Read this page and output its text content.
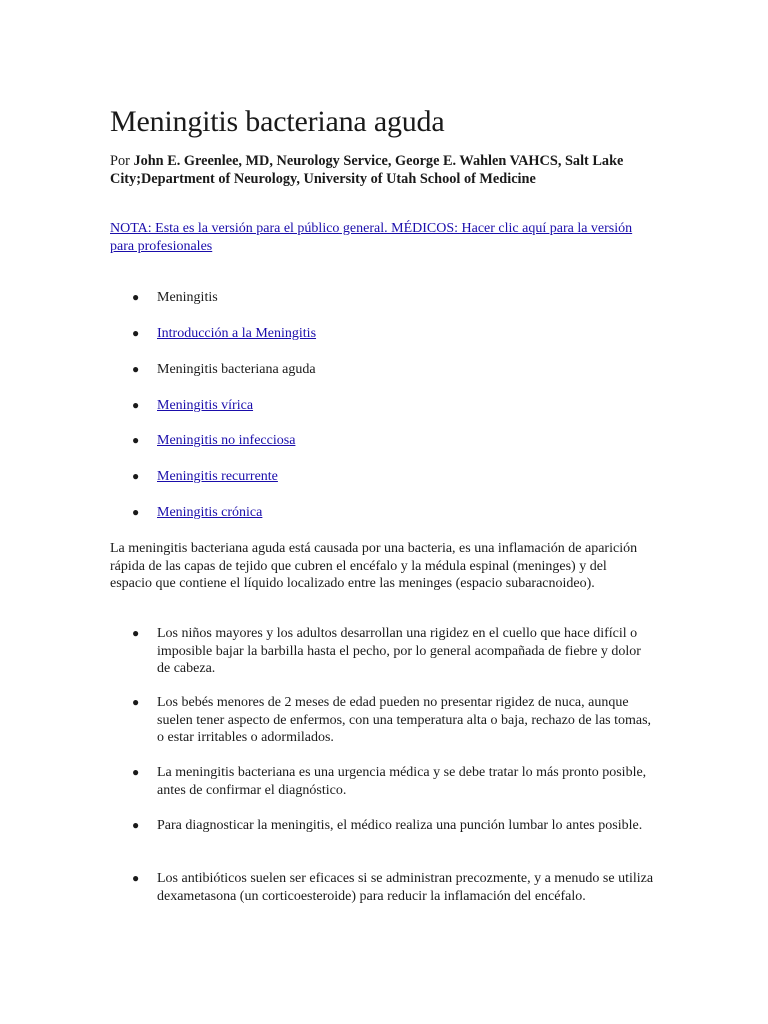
Meningitis bacteriana aguda

Por John E. Greenlee, MD, Neurology Service, George E. Wahlen VAHCS, Salt Lake City;Department of Neurology, University of Utah School of Medicine

NOTA: Esta es la versión para el público general. MÉDICOS: Hacer clic aquí para la versión para profesionales
● Meningitis
● Introducción a la Meningitis
● Meningitis bacteriana aguda
● Meningitis vírica
● Meningitis no infecciosa
● Meningitis recurrente
● Meningitis crónica

La meningitis bacteriana aguda está causada por una bacteria, es una inflamación de aparición rápida de las capas de tejido que cubren el encéfalo y la médula espinal (meninges) y del espacio que contiene el líquido localizado entre las meninges (espacio subaracnoideo).

● Los niños mayores y los adultos desarrollan una rigidez en el cuello que hace difícil o imposible bajar la barbilla hasta el pecho, por lo general acompañada de fiebre y dolor de cabeza.
● Los bebés menores de 2 meses de edad pueden no presentar rigidez de nuca, aunque suelen tener aspecto de enfermos, con una temperatura alta o baja, rechazo de las tomas, o estar irritables o adormilados.
● La meningitis bacteriana es una urgencia médica y se debe tratar lo más pronto posible, antes de confirmar el diagnóstico.
● Para diagnosticar la meningitis, el médico realiza una punción lumbar lo antes posible.
● Los antibióticos suelen ser eficaces si se administran precozmente, y a menudo se utiliza dexametasona (un corticoesteroide) para reducir la inflamación del encéfalo.
